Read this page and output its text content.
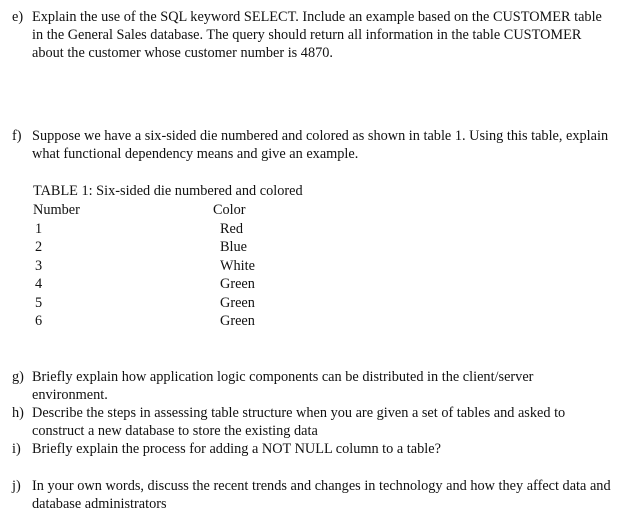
e) Explain the use of the SQL keyword SELECT. Include an example based on the CUSTOMER table in the General Sales database. The query should return all information in the table CUSTOMER about the customer whose customer number is 4870.
f) Suppose we have a six-sided die numbered and colored as shown in table 1. Using this table, explain what functional dependency means and give an example.
TABLE 1: Six-sided die numbered and colored
Number	Color
1	Red
2	Blue
3	White
4	Green
5	Green
6	Green
g) Briefly explain how application logic components can be distributed in the client/server environment.
h) Describe the steps in assessing table structure when you are given a set of tables and asked to construct a new database to store the existing data
i) Briefly explain the process for adding a NOT NULL column to a table?
j) In your own words, discuss the recent trends and changes in technology and how they affect data and database administrators
